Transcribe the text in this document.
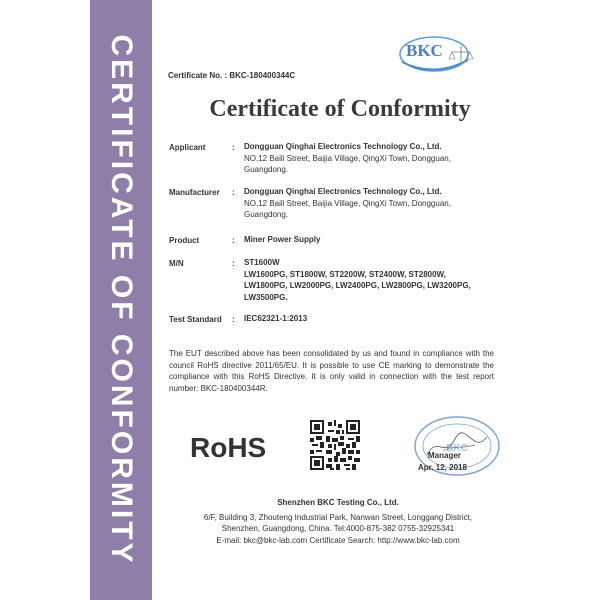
CERTIFICATE OF CONFORMITY	Certificate No. : BKC-180400344C
BKC
Certificate of Conformity
Applicant	: Dongguan Qinghai Electronics Technology Co., Ltd.
NO,12 Baili Street, Baijia Village, QingXi Town, Dongguan,
Guangdong.
Manufacturer : Dongguan Qinghai Electronics Technology Co., Ltd.
NO,12 Baili Street, Baijia Village, QingXi Town, Dongguan,
Guangdong.
Product	: Miner Power Supply
M/N	: ST1600W
LW1600PG, ST1800W, ST2200W, ST2400W, ST2800W,
LW1800PG, LW2000PG, LW2400PG, LW2800PG, LW3200PG,
LW3500PG.
Test Standard : IEC62321-1:2013
The EUT described above has been consolidated by us and found in compliance with the council RoHS directive 2011/65/EU. It is possible to use CE marking to demonstrate the compliance with this RoHS Directive. It is only valid in connection with the test report number: BKC-180400344R.
RoHS	BKC
Manager
Apr. 12, 2018
Shenzhen BKC Testing Co., Ltd.
6/F, Building 3, Zhouteng Industrial Park, Nanwan Street, Longgang District,
Shenzhen, Guangdong, China. Tel:4000-875-382 0755-32925341
E-mail: bkc@bkc-lab.com Certificate Search: http://www.bkc-lab.com
